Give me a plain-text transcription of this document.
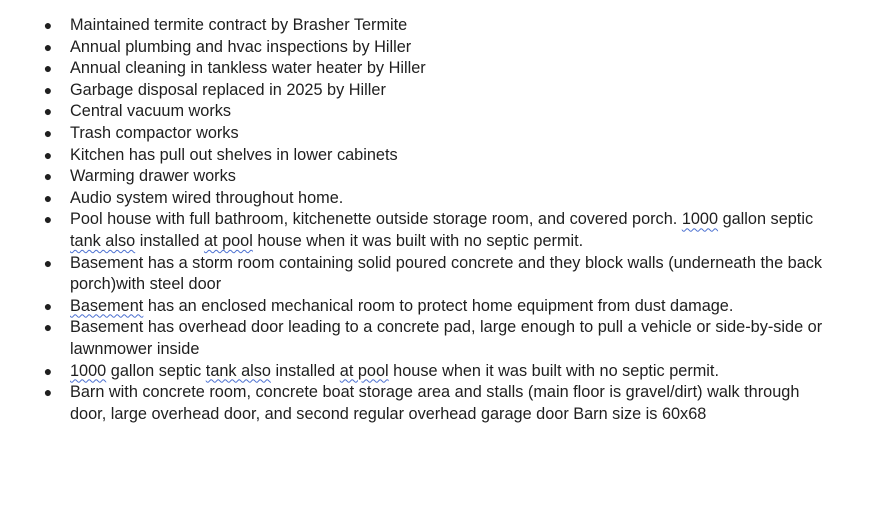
● Maintained termite contract by Brasher Termite
● Annual plumbing and hvac inspections by Hiller
● Annual cleaning in tankless water heater by Hiller
● Garbage disposal replaced in 2025 by Hiller
● Central vacuum works
● Trash compactor works
● Kitchen has pull out shelves in lower cabinets
● Warming drawer works
● Audio system wired throughout home.
● Pool house with full bathroom, kitchenette outside storage room, and covered porch. 1000 gallon septic tank also installed at pool house when it was built with no septic permit.
● Basement has a storm room containing solid poured concrete and they block walls (underneath the back porch)with steel door
● Basement has an enclosed mechanical room to protect home equipment from dust damage.
● Basement has overhead door leading to a concrete pad, large enough to pull a vehicle or side-by-side or lawnmower inside
● 1000 gallon septic tank also installed at pool house when it was built with no septic permit.
● Barn with concrete room, concrete boat storage area and stalls (main floor is gravel/dirt) walk through door, large overhead door, and second regular overhead garage door Barn size is 60x68
